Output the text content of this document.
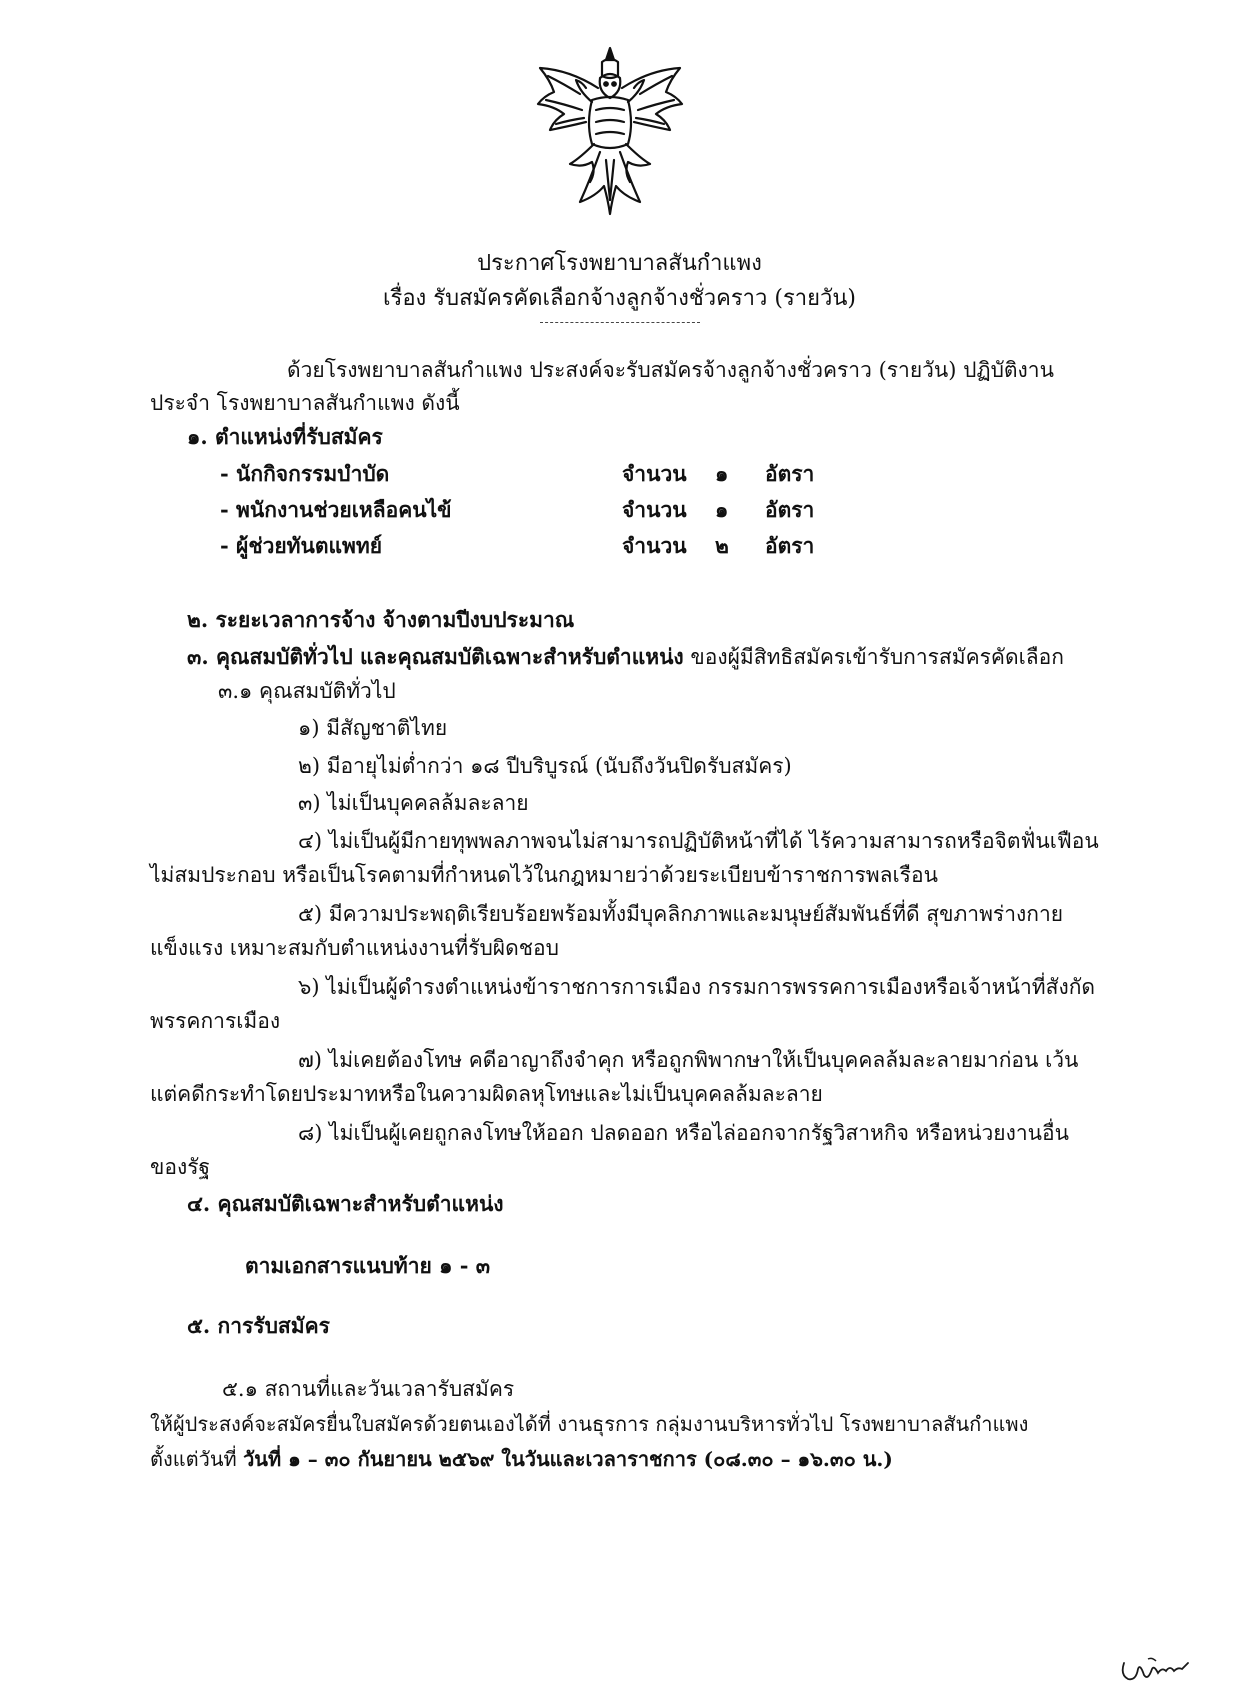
ประกาศโรงพยาบาลสันกำแพง
เรื่อง รับสมัครคัดเลือกจ้างลูกจ้างชั่วคราว (รายวัน)
ด้วยโรงพยาบาลสันกำแพง ประสงค์จะรับสมัครจ้างลูกจ้างชั่วคราว (รายวัน) ปฏิบัติงาน
ประจำ โรงพยาบาลสันกำแพง ดังนี้
๑. ตำแหน่งที่รับสมัคร
- นักกิจกรรมบำบัด	จำนวน ๑ อัตรา
- พนักงานช่วยเหลือคนไข้	จำนวน ๑ อัตรา
- ผู้ช่วยทันตแพทย์	จำนวน ๒ อัตรา
๒. ระยะเวลาการจ้าง จ้างตามปีงบประมาณ
๓. คุณสมบัติทั่วไป และคุณสมบัติเฉพาะสำหรับตำแหน่ง ของผู้มีสิทธิสมัครเข้ารับการสมัครคัดเลือก
๓.๑ คุณสมบัติทั่วไป
๑) มีสัญชาติไทย
๒) มีอายุไม่ต่ำกว่า ๑๘ ปีบริบูรณ์ (นับถึงวันปิดรับสมัคร)
๓) ไม่เป็นบุคคลล้มละลาย
๔) ไม่เป็นผู้มีกายทุพพลภาพจนไม่สามารถปฏิบัติหน้าที่ได้ ไร้ความสามารถหรือจิตฟั่นเฟือน
ไม่สมประกอบ หรือเป็นโรคตามที่กำหนดไว้ในกฎหมายว่าด้วยระเบียบข้าราชการพลเรือน
๕) มีความประพฤติเรียบร้อยพร้อมทั้งมีบุคลิกภาพและมนุษย์สัมพันธ์ที่ดี สุขภาพร่างกาย
แข็งแรง เหมาะสมกับตำแหน่งงานที่รับผิดชอบ
๖) ไม่เป็นผู้ดำรงตำแหน่งข้าราชการการเมือง กรรมการพรรคการเมืองหรือเจ้าหน้าที่สังกัด
พรรคการเมือง
๗) ไม่เคยต้องโทษ คดีอาญาถึงจำคุก หรือถูกพิพากษาให้เป็นบุคคลล้มละลายมาก่อน เว้น
แต่คดีกระทำโดยประมาทหรือในความผิดลหุโทษและไม่เป็นบุคคลล้มละลาย
๘) ไม่เป็นผู้เคยถูกลงโทษให้ออก ปลดออก หรือไล่ออกจากรัฐวิสาหกิจ หรือหน่วยงานอื่น
ของรัฐ
๔. คุณสมบัติเฉพาะสำหรับตำแหน่ง
ตามเอกสารแนบท้าย ๑ - ๓
๕. การรับสมัคร
๕.๑ สถานที่และวันเวลารับสมัคร
ให้ผู้ประสงค์จะสมัครยื่นใบสมัครด้วยตนเองได้ที่ งานธุรการ กลุ่มงานบริหารทั่วไป โรงพยาบาลสันกำแพง
ตั้งแต่วันที่ วันที่ ๑ – ๓๐ กันยายน ๒๕๖๙ ในวันและเวลาราชการ (๐๘.๓๐ – ๑๖.๓๐ น.)
